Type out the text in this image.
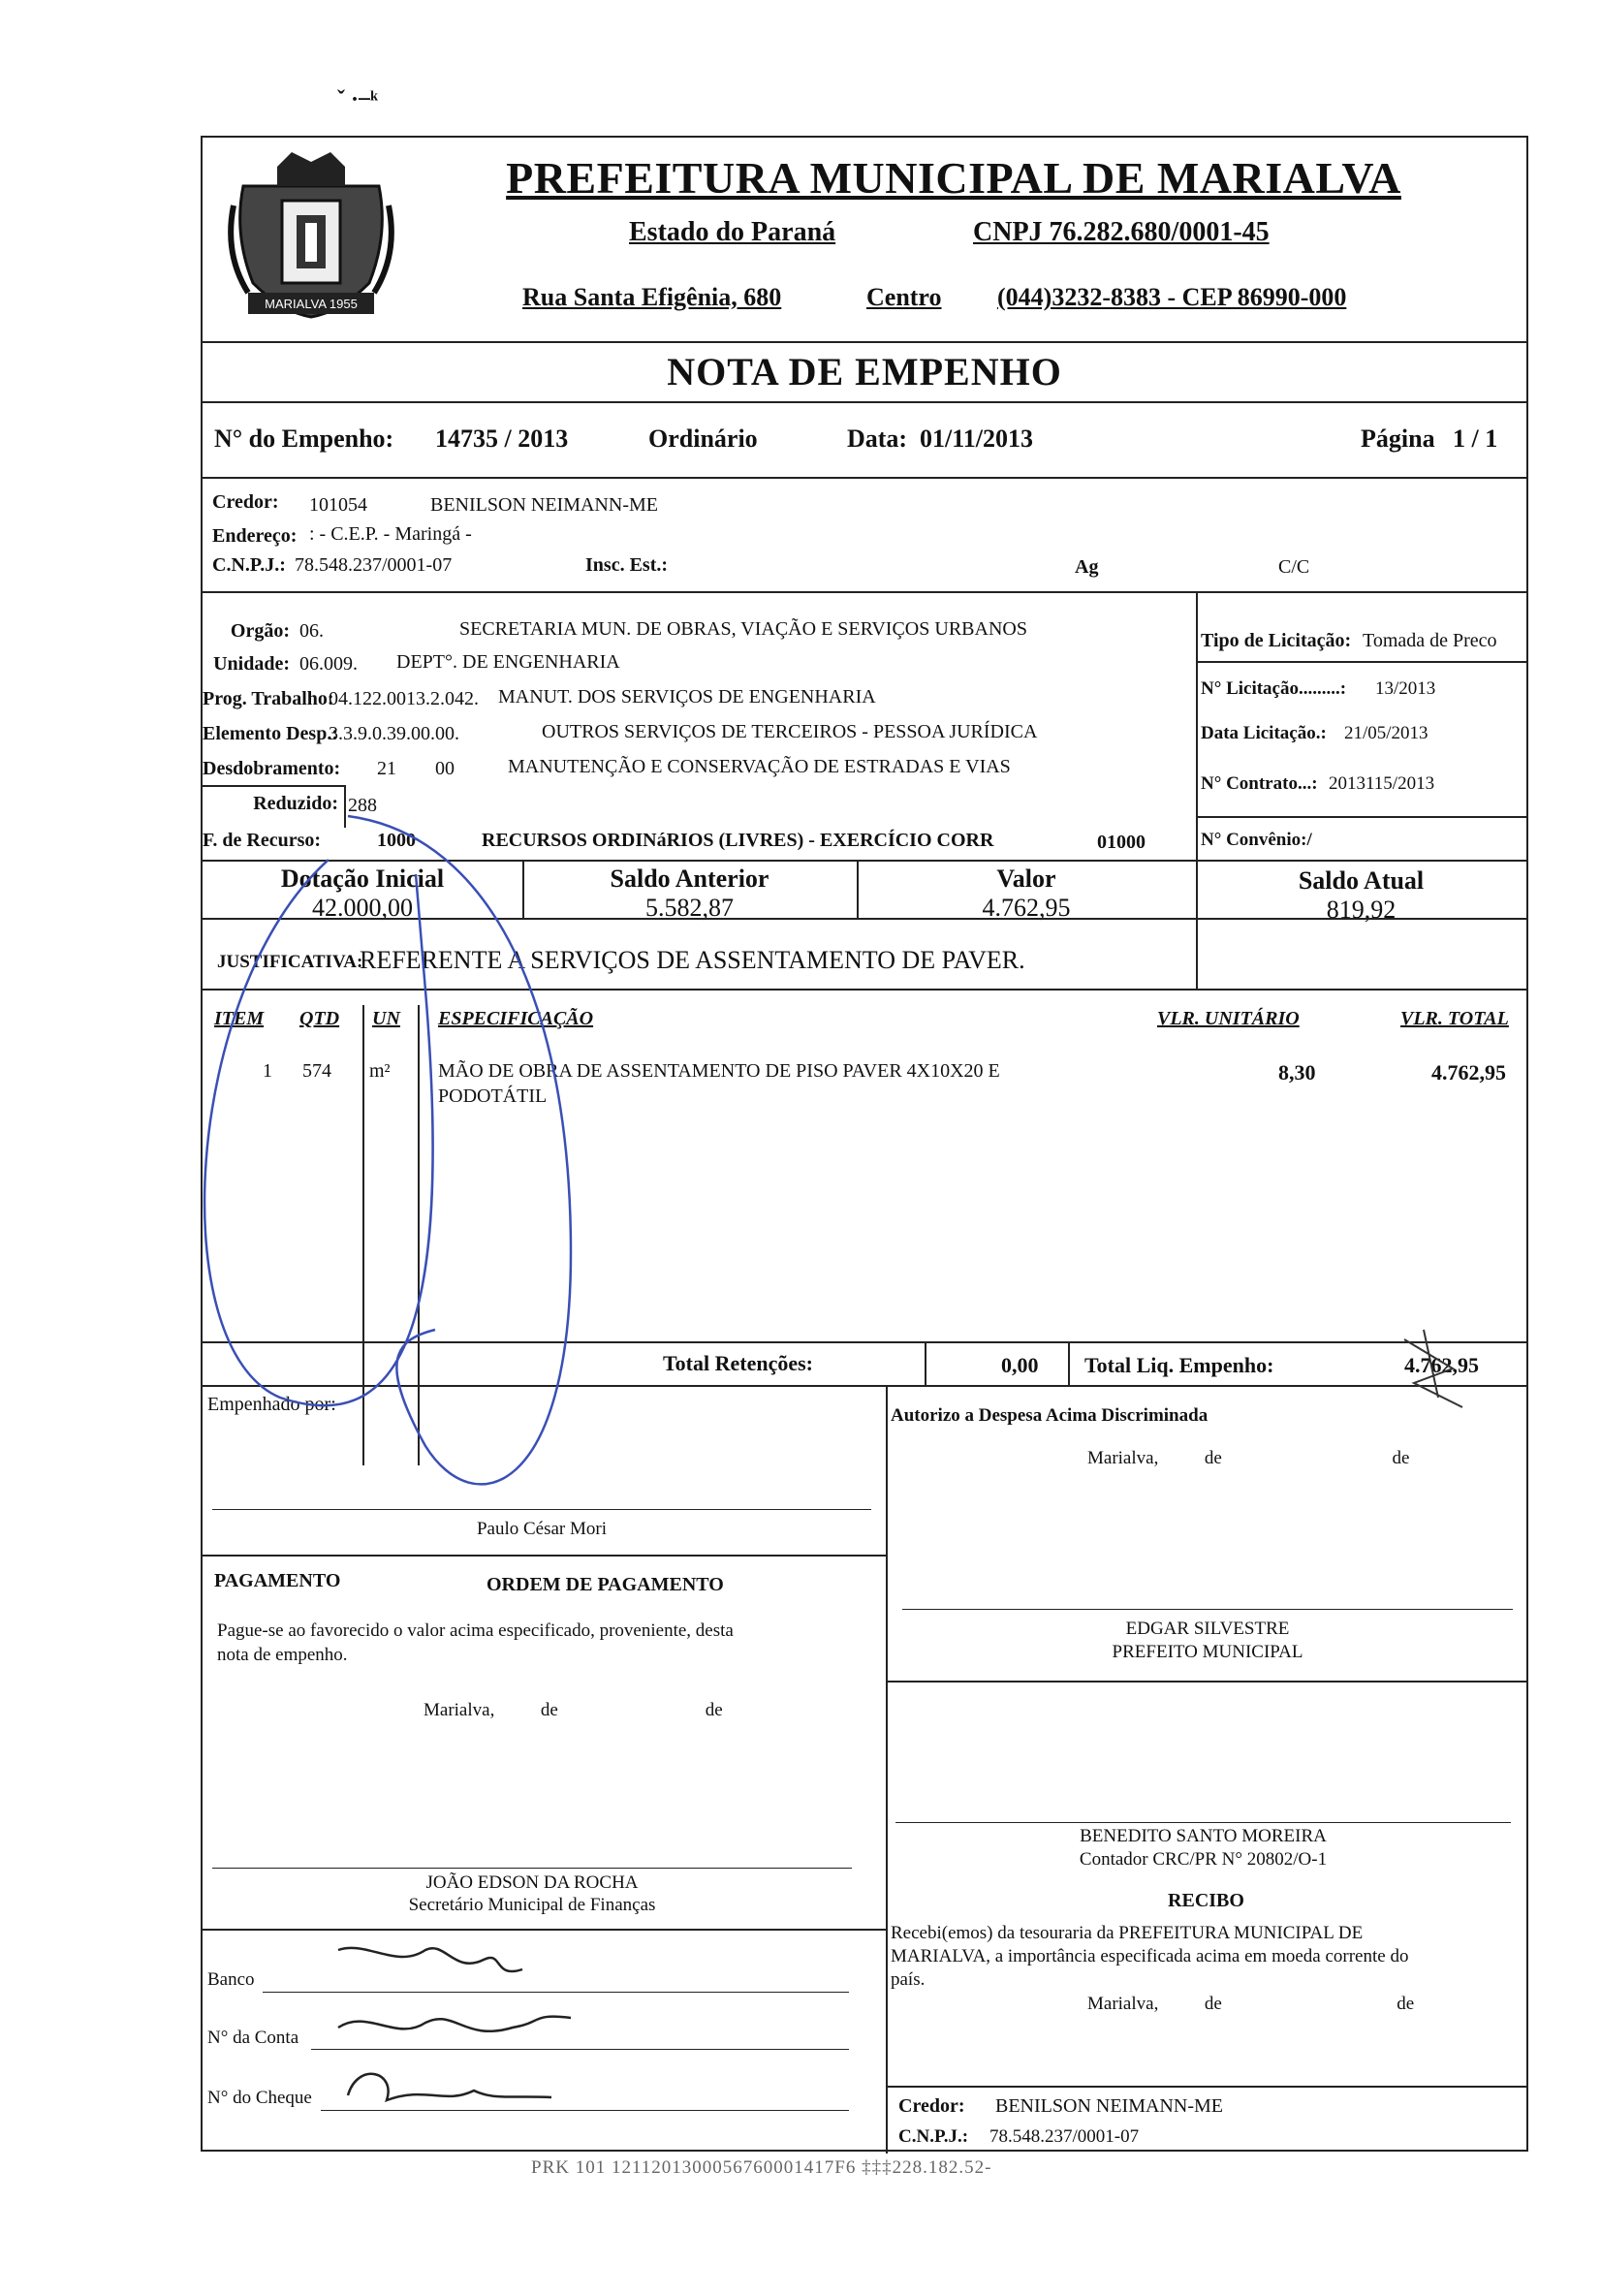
ˇ · ̶ ᵏ
MARIALVA 1955
PREFEITURA MUNICIPAL DE MARIALVA
Estado do Paraná	CNPJ 76.282.680/0001-45
Rua Santa Efigênia, 680	Centro (044)3232-8383 - CEP 86990-000
NOTA DE EMPENHO
N° do Empenho: 14735 / 2013	Ordinário	Data: 01/11/2013	Página 1 / 1
Credor: 101054	BENILSON NEIMANN-ME
Endereço: : - C.E.P. - Maringá -
C.N.P.J.: 78.548.237/0001-07	Insc. Est.:	Ag	C/C
Orgão: 06.	SECRETARIA MUN. DE OBRAS, VIAÇÃO E SERVIÇOS URBANOS
Unidade: 06.009. DEPT°. DE ENGENHARIA
Prog. Trabalho:
04.122.0013.2.042. MANUT. DOS SERVIÇOS DE ENGENHARIA
Elemento Desp.:
3.3.9.0.39.00.00.	OUTROS SERVIÇOS DE TERCEIROS - PESSOA JURÍDICA
Desdobramento: 21 00	MANUTENÇÃO E CONSERVAÇÃO DE ESTRADAS E VIAS
Reduzido: 288
F. de Recurso:	1000	RECURSOS ORDINáRIOS (LIVRES) - EXERCÍCIO CORR	01000
Tipo de Licitação: Tomada de Preco
N° Licitação.........: 13/2013
Data Licitação.: 21/05/2013
N° Contrato...: 2013115/2013
N° Convênio:/
Dotação Inicial
42.000,00
Saldo Anterior
5.582,87
Valor
4.762,95
Saldo Atual
819,92
JUSTIFICATIVA:
REFERENTE A SERVIÇOS DE ASSENTAMENTO DE PAVER.
ITEM QTD UN ESPECIFICAÇÃO	VLR. UNITÁRIO	VLR. TOTAL
1 574 m² MÃO DE OBRA DE ASSENTAMENTO DE PISO PAVER 4X10X20 E
PODOTÁTIL
8,30	4.762,95
Total Retenções:	0,00 Total Liq. Empenho:	4.762,95
Empenhado por:
Autorizo a Despesa Acima Discriminada
Marialva,          de                                     de
Paulo César Mori
PAGAMENTO	ORDEM DE PAGAMENTO
Pague-se ao favorecido o valor acima especificado, proveniente, desta
nota de empenho.
Marialva,          de                                de
EDGAR SILVESTRE
PREFEITO MUNICIPAL
BENEDITO SANTO MOREIRA
Contador CRC/PR N° 20802/O-1
JOÃO EDSON DA ROCHA
Secretário Municipal de Finanças	RECIBO
Recebi(emos) da tesouraria da PREFEITURA MUNICIPAL DE
MARIALVA, a importância especificada acima em moeda corrente do
país.
Marialva,          de                                      de
Banco
N° da Conta
N° do Cheque	Credor: BENILSON NEIMANN-ME
C.N.P.J.: 78.548.237/0001-07
PRK 101 1211201300056760001417F6 ‡‡‡228.182.52-
